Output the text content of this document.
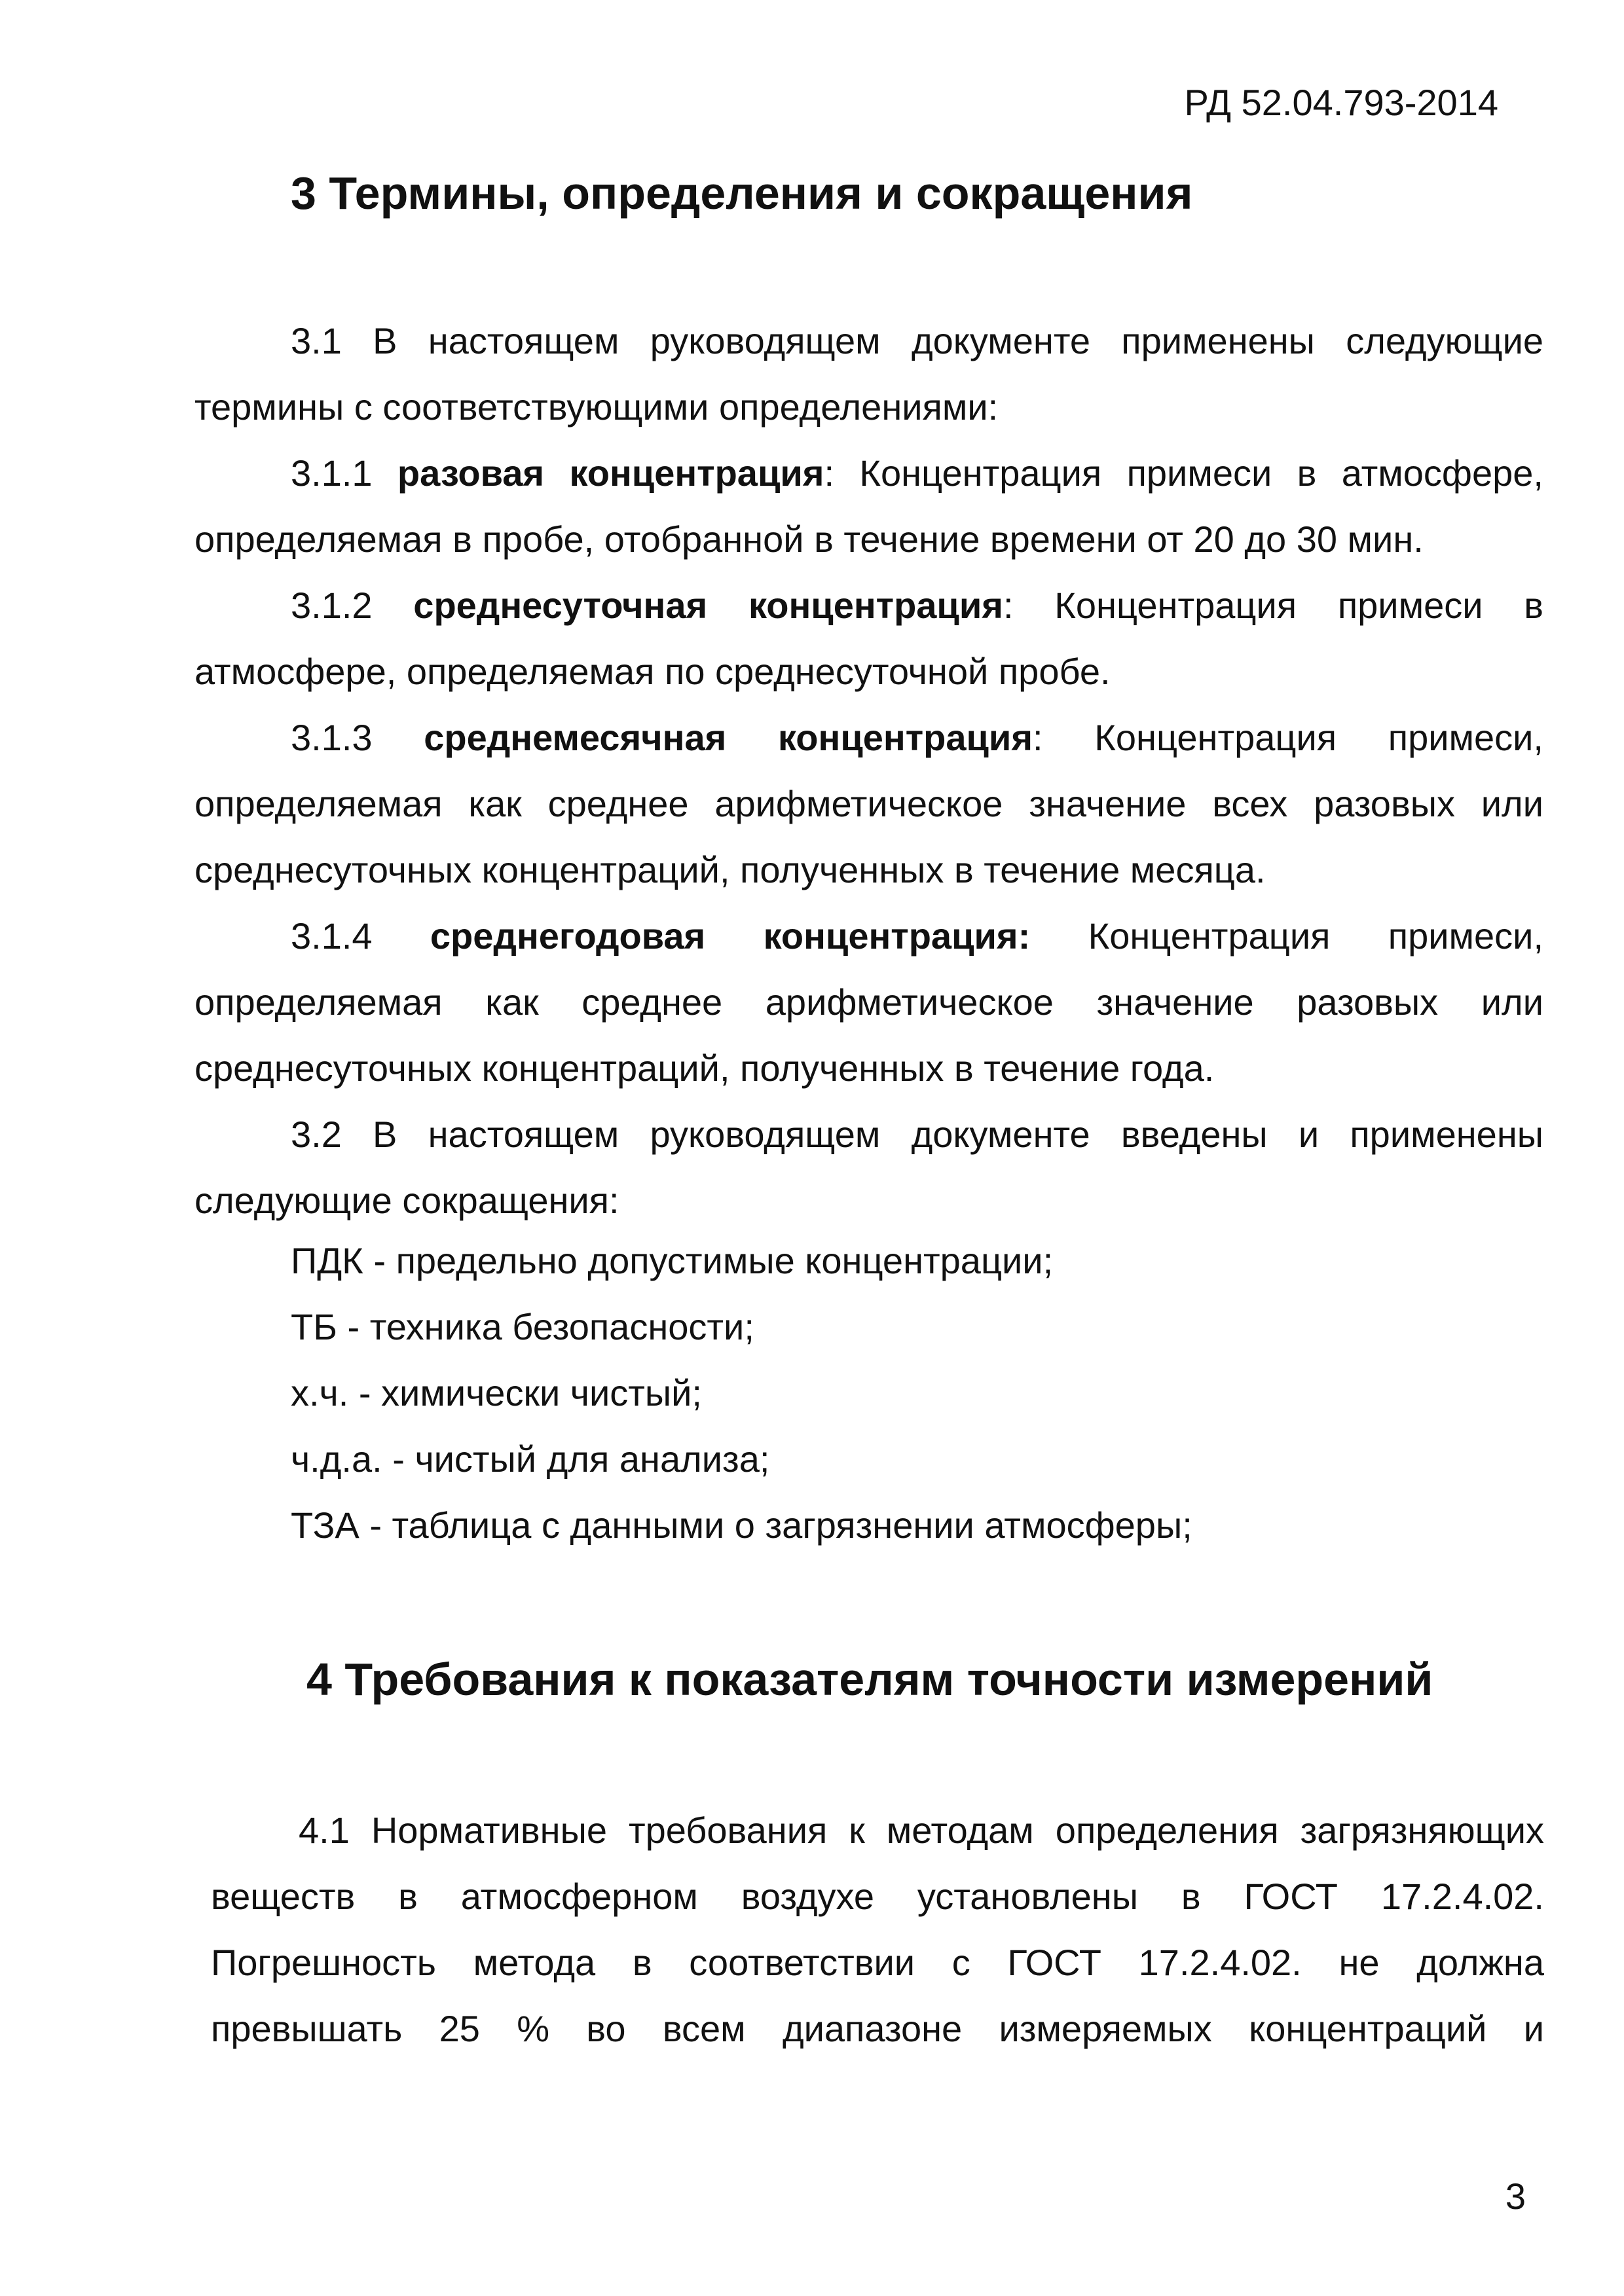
РД 52.04.793-2014
3 Термины, определения и сокращения

3.1 В настоящем руководящем документе применены следующие термины с соответствующими определениями:

3.1.1 разовая концентрация: Концентрация примеси в атмосфере, определяемая в пробе, отобранной в течение времени от 20 до 30 мин.

3.1.2 среднесуточная концентрация: Концентрация примеси в атмосфере, определяемая по среднесуточной пробе.

3.1.3 среднемесячная концентрация: Концентрация примеси, определяемая как среднее арифметическое значение всех разовых или среднесуточных концентраций, полученных в течение месяца.

3.1.4 среднегодовая концентрация: Концентрация примеси, определяемая как среднее арифметическое значение разовых или среднесуточных концентраций, полученных в течение года.

3.2 В настоящем руководящем документе введены и применены следующие сокращения:

ПДК - предельно допустимые концентрации;

ТБ - техника безопасности;

х.ч. - химически чистый;

ч.д.а. - чистый для анализа;

ТЗА - таблица с данными о загрязнении атмосферы;

4 Требования к показателям точности измерений

4.1 Нормативные требования к методам определения загрязняющих

веществ в атмосферном воздухе установлены в ГОСТ 17.2.4.02.

Погрешность метода в соответствии с ГОСТ 17.2.4.02. не должна

превышать 25 % во всем диапазоне измеряемых концентраций и

3
